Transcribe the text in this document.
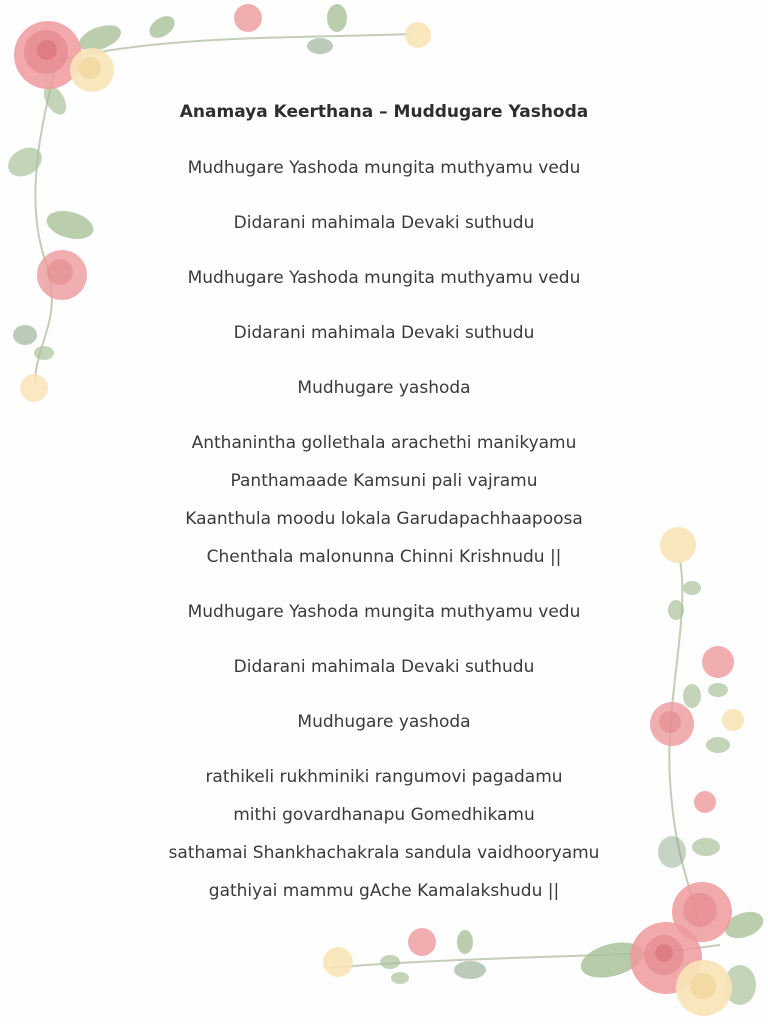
Anamaya Keerthana – Muddugare Yashoda
Mudhugare Yashoda mungita muthyamu vedu
Didarani mahimala Devaki suthudu
Mudhugare Yashoda mungita muthyamu vedu
Didarani mahimala Devaki suthudu
Mudhugare yashoda
Anthanintha gollethala arachethi manikyamu
Panthamaade Kamsuni pali vajramu
Kaanthula moodu lokala Garudapachhaapoosa
Chenthala malonunna Chinni Krishnudu ||
Mudhugare Yashoda mungita muthyamu vedu
Didarani mahimala Devaki suthudu
Mudhugare yashoda
rathikeli rukhminiki rangumovi pagadamu
mithi govardhanapu Gomedhikamu
sathamai Shankhachakrala sandula vaidhooryamu
gathiyai mammu gAche Kamalakshudu ||
